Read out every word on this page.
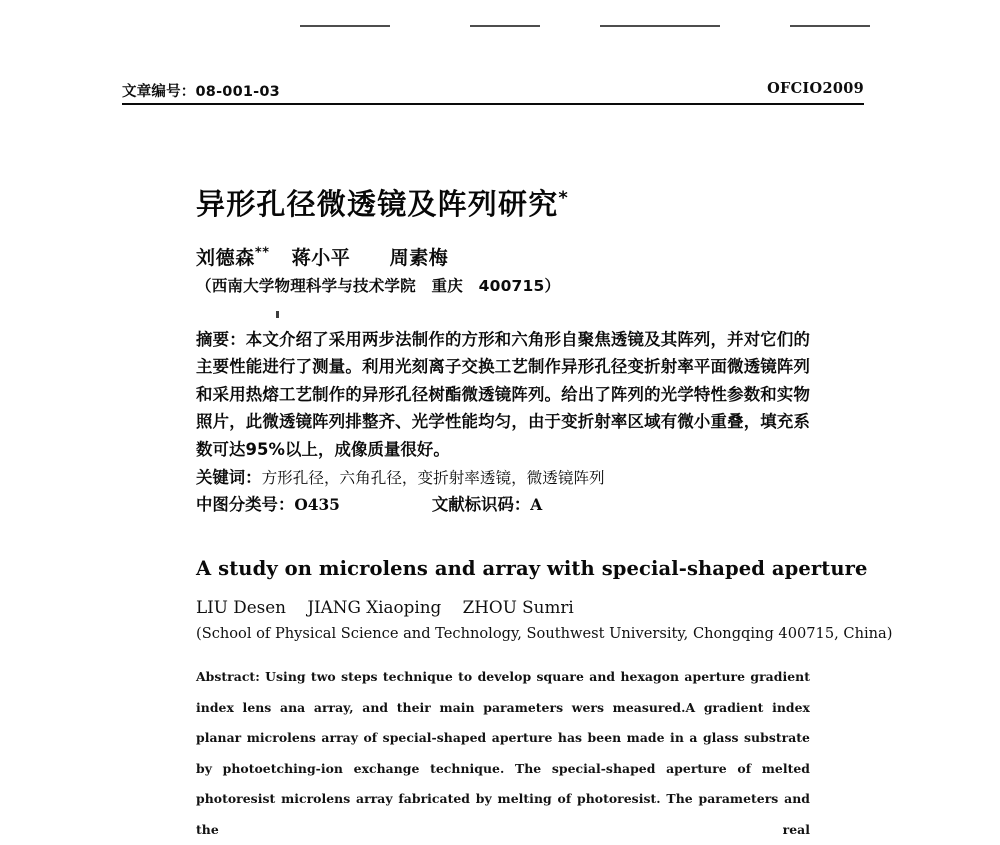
文章编号：08-001-03	OFCIO2009
异形孔径微透镜及阵列研究*
刘德森** 蒋小平　　周素梅
（西南大学物理科学与技术学院　重庆　400715）

摘要：本文介绍了采用两步法制作的方形和六角形自聚焦透镜及其阵列，并对它们的主要性能进行了测量。利用光刻离子交换工艺制作异形孔径变折射率平面微透镜阵列和采用热熔工艺制作的异形孔径树酯微透镜阵列。给出了阵列的光学特性参数和实物照片，此微透镜阵列排整齐、光学性能均匀，由于变折射率区域有微小重叠，填充系数可达95%以上，成像质量很好。

关键词：方形孔径，六角孔径，变折射率透镜，微透镜阵列
中图分类号：O435	文献标识码：A
A study on microlens and array with special-shaped aperture
LIU Desen    JIANG Xiaoping    ZHOU Sumri
(School of Physical Science and Technology, Southwest University, Chongqing 400715, China)

Abstract: Using two steps technique to develop square and hexagon aperture gradient index lens ana array, and their main parameters wers measured.A gradient index planar microlens array of special-shaped aperture has been made in a glass substrate by photoetching-ion exchange technique. The special-shaped aperture of melted photoresist microlens array fabricated by melting of photoresist. The parameters and the real
